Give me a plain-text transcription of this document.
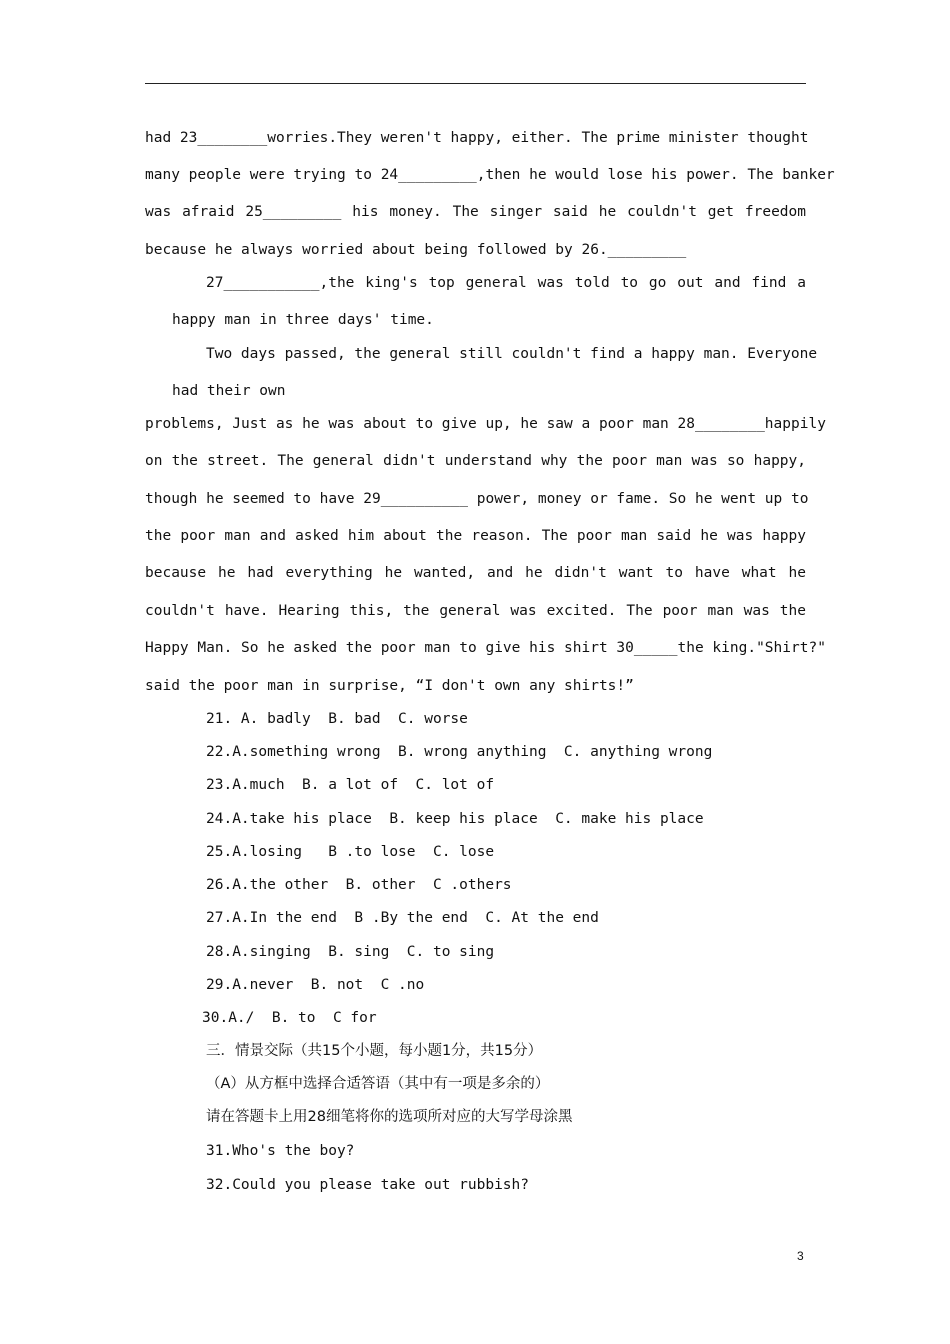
had 23________worries.They weren't happy, either. The prime minister thought
many people were trying to 24_________,then he would lose his power. The banker
was afraid 25_________ his money. The singer said he couldn't get freedom
because he always worried about being followed by 26._________
27___________,the king's top general was told to go out and find a
happy man in three days' time.
Two days passed, the general still couldn't find a happy man. Everyone
had their own
problems, Just as he was about to give up, he saw a poor man 28________happily
on the street. The general didn't understand why the poor man was so happy,
though he seemed to have 29__________ power, money or fame. So he went up to
the poor man and asked him about the reason. The poor man said he was happy
because he had everything he wanted, and he didn't want to have what he
couldn't have. Hearing this, the general was excited. The poor man was the
Happy Man. So he asked the poor man to give his shirt 30_____the king."Shirt?"
said the poor man in surprise, “I don't own any shirts!”
21. A. badly  B. bad  C. worse
22.A.something wrong  B. wrong anything  C. anything wrong
23.A.much  B. a lot of  C. lot of
24.A.take his place  B. keep his place  C. make his place
25.A.losing   B .to lose  C. lose
26.A.the other  B. other  C .others
27.A.In the end  B .By the end  C. At the end
28.A.singing  B. sing  C. to sing
29.A.never  B. not  C .no
30.A./  B. to  C for
三．情景交际（共15个小题，每小题1分，共15分）
（A）从方框中选择合适答语（其中有一项是多余的）
请在答题卡上用28细笔将你的选项所对应的大写学母涂黑
31.Who's the boy?
32.Could you please take out rubbish?
3
